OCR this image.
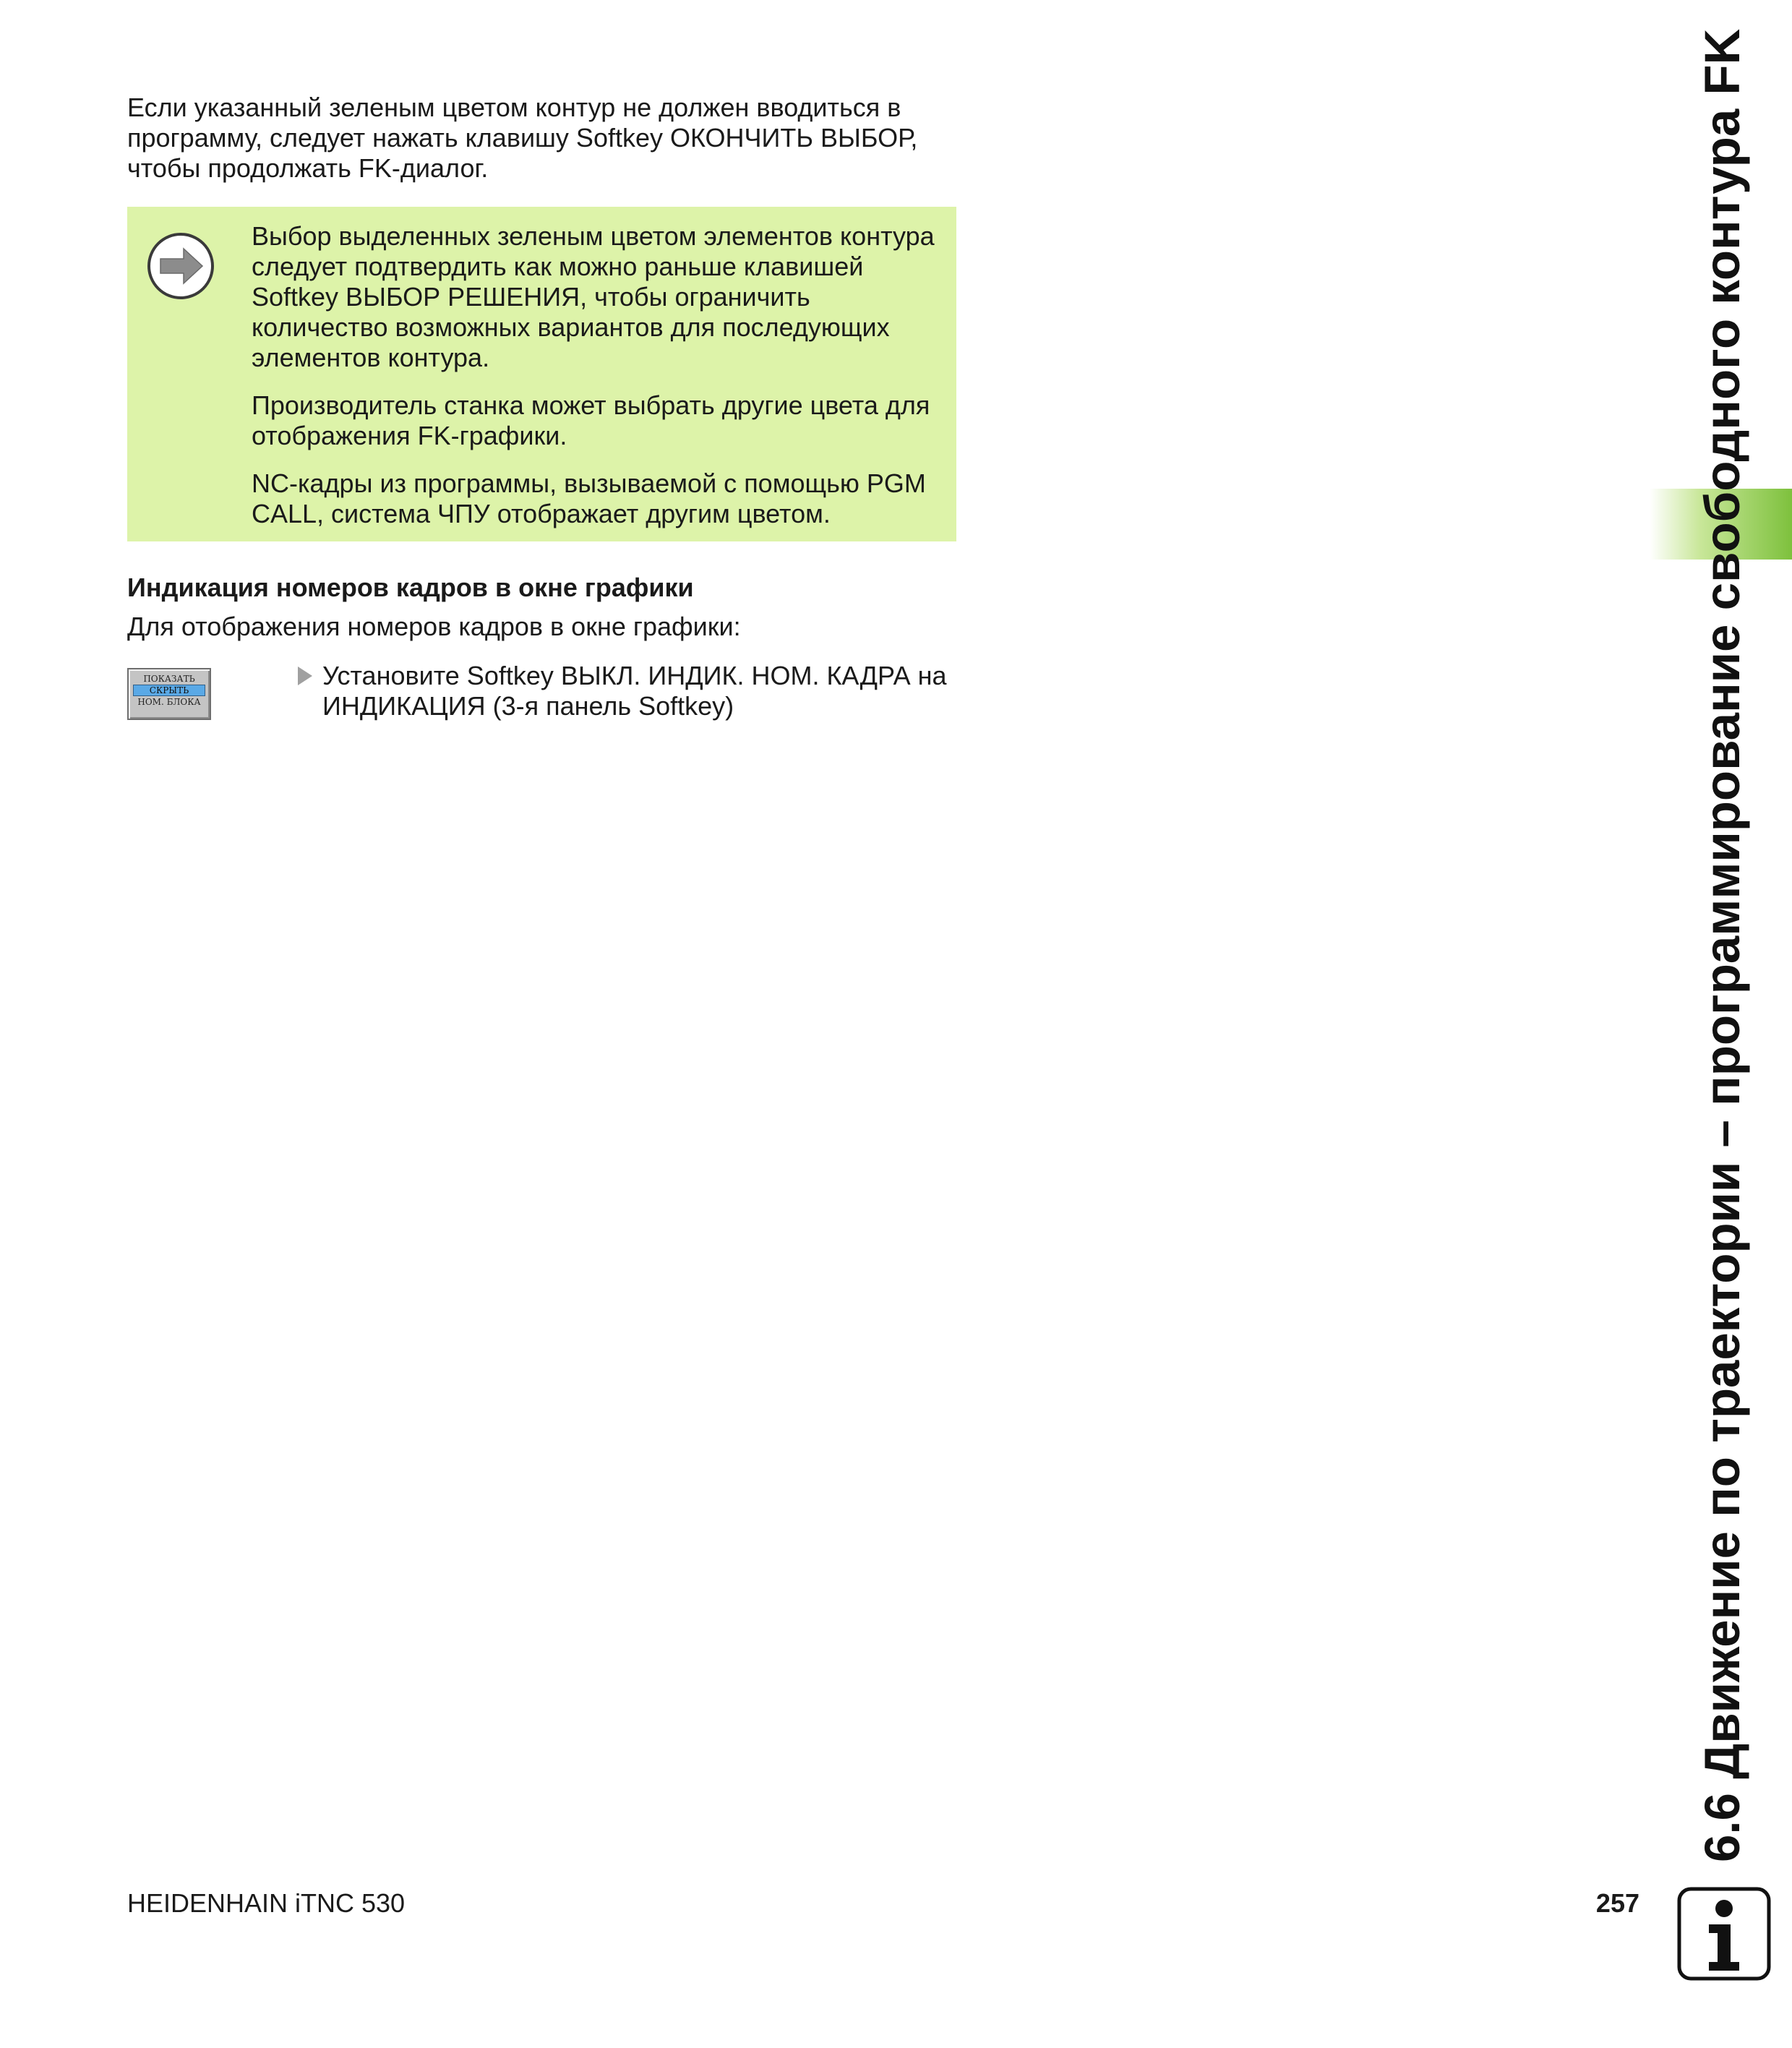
Если указанный зеленым цветом контур не должен вводиться в программу, следует нажать клавишу Softkey ОКОНЧИТЬ ВЫБОР, чтобы продолжать FK-диалог.

Выбор выделенных зеленым цветом элементов контура следует подтвердить как можно раньше клавишей Softkey ВЫБОР РЕШЕНИЯ, чтобы ограничить количество возможных вариантов для последующих элементов контура.

Производитель станка может выбрать другие цвета для отображения FK-графики.

NC-кадры из программы, вызываемой с помощью PGM CALL, система ЧПУ отображает другим цветом.

Индикация номеров кадров в окне графики

Для отображения номеров кадров в окне графики:

ПОКАЗАТЬ
СКРЫТЬ
НОМ. БЛОКА
Установите Softkey ВЫКЛ. ИНДИК. НОМ. КАДРА на ИНДИКАЦИЯ (3-я панель Softkey)	6.6 Движение по траектории – программирование свободного контура FK
HEIDENHAIN iTNC 530	257
